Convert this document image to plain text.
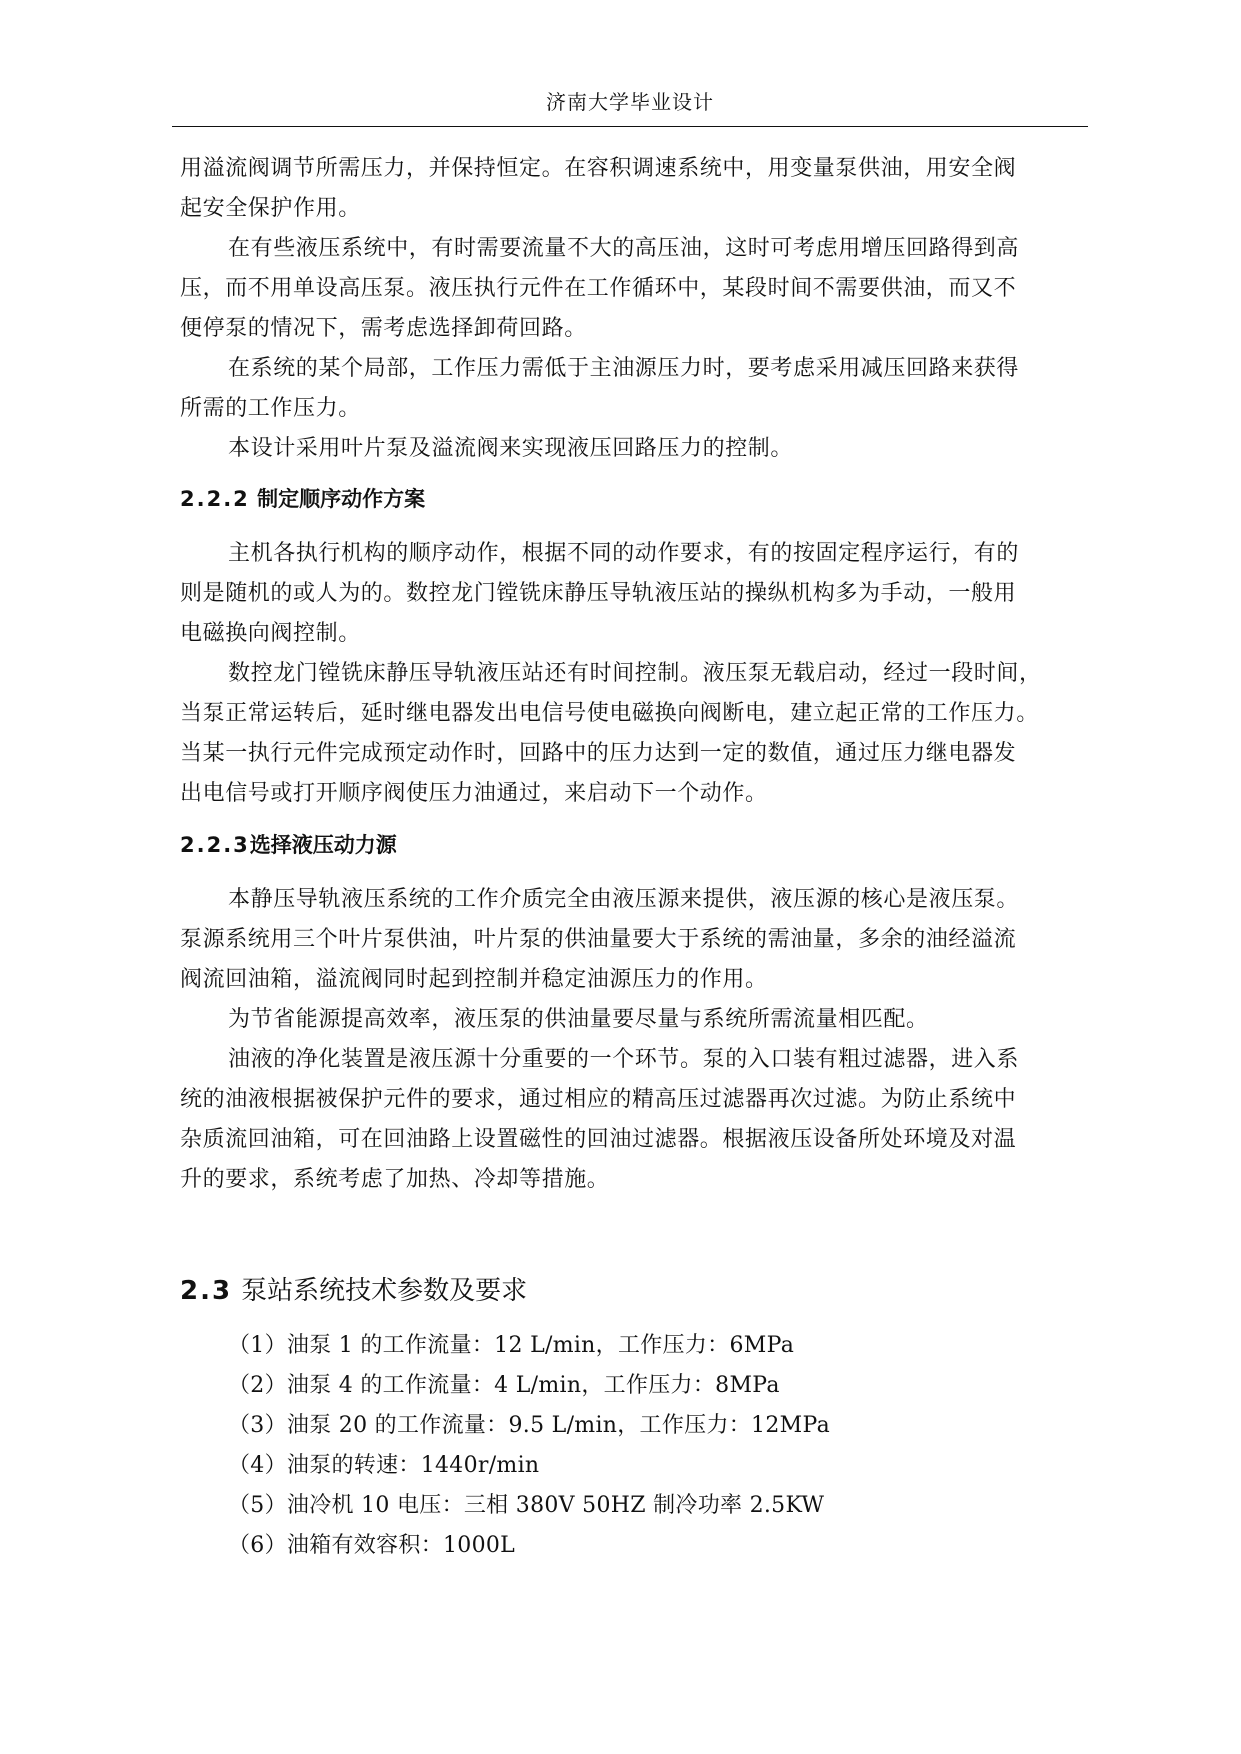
济南大学毕业设计

用溢流阀调节所需压力，并保持恒定。在容积调速系统中，用变量泵供油，用安全阀

起安全保护作用。

在有些液压系统中，有时需要流量不大的高压油，这时可考虑用增压回路得到高

压，而不用单设高压泵。液压执行元件在工作循环中，某段时间不需要供油，而又不

便停泵的情况下，需考虑选择卸荷回路。

在系统的某个局部，工作压力需低于主油源压力时，要考虑采用减压回路来获得

所需的工作压力。

本设计采用叶片泵及溢流阀来实现液压回路压力的控制。

2.2.2 制定顺序动作方案

主机各执行机构的顺序动作，根据不同的动作要求，有的按固定程序运行，有的

则是随机的或人为的。数控龙门镗铣床静压导轨液压站的操纵机构多为手动，一般用

电磁换向阀控制。

数控龙门镗铣床静压导轨液压站还有时间控制。液压泵无载启动，经过一段时间，

当泵正常运转后，延时继电器发出电信号使电磁换向阀断电，建立起正常的工作压力。

当某一执行元件完成预定动作时，回路中的压力达到一定的数值，通过压力继电器发

出电信号或打开顺序阀使压力油通过，来启动下一个动作。

2.2.3选择液压动力源

本静压导轨液压系统的工作介质完全由液压源来提供，液压源的核心是液压泵。

泵源系统用三个叶片泵供油，叶片泵的供油量要大于系统的需油量，多余的油经溢流

阀流回油箱，溢流阀同时起到控制并稳定油源压力的作用。

为节省能源提高效率，液压泵的供油量要尽量与系统所需流量相匹配。

油液的净化装置是液压源十分重要的一个环节。泵的入口装有粗过滤器，进入系

统的油液根据被保护元件的要求，通过相应的精高压过滤器再次过滤。为防止系统中

杂质流回油箱，可在回油路上设置磁性的回油过滤器。根据液压设备所处环境及对温

升的要求，系统考虑了加热、冷却等措施。

2.3 泵站系统技术参数及要求
（1）油泵 1 的工作流量：12 L/min，工作压力：6MPa
（2）油泵 4 的工作流量：4 L/min，工作压力：8MPa
（3）油泵 20 的工作流量：9.5 L/min，工作压力：12MPa
（4）油泵的转速：1440r/min
（5）油冷机 10 电压：三相 380V 50HZ 制冷功率 2.5KW
（6）油箱有效容积：1000L
